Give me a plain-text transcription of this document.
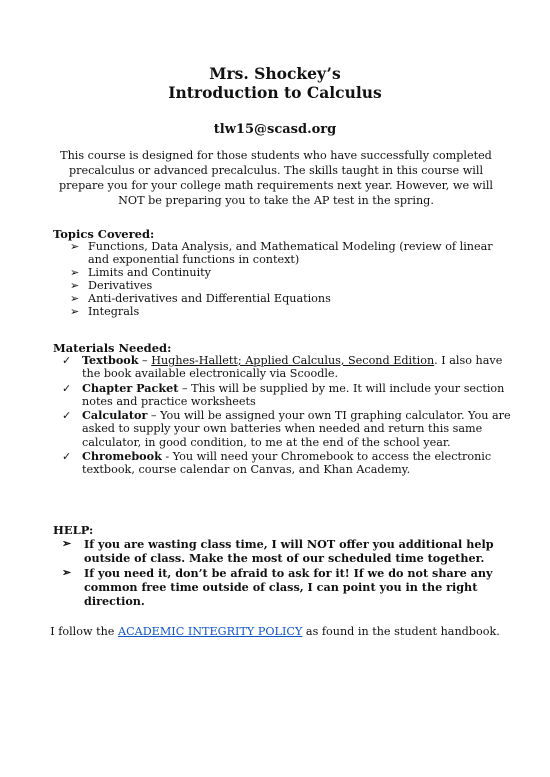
Mrs. Shockey’s
Introduction to Calculus
tlw15@scasd.org
This course is designed for those students who have successfully completed precalculus or advanced precalculus. The skills taught in this course will prepare you for your college math requirements next year. However, we will NOT be preparing you to take the AP test in the spring.
Topics Covered:
➢ Functions, Data Analysis, and Mathematical Modeling (review of linear and exponential functions in context)
➢ Limits and Continuity
➢ Derivatives
➢ Anti-derivatives and Differential Equations
➢ Integrals
Materials Needed:
✓ Textbook – Hughes-Hallett; Applied Calculus, Second Edition. I also have the book available electronically via Scoodle.
✓ Chapter Packet – This will be supplied by me. It will include your section notes and practice worksheets
✓ Calculator – You will be assigned your own TI graphing calculator. You are asked to supply your own batteries when needed and return this same calculator, in good condition, to me at the end of the school year.
✓ Chromebook - You will need your Chromebook to access the electronic textbook, course calendar on Canvas, and Khan Academy.
HELP:
➢ If you are wasting class time, I will NOT offer you additional help outside of class. Make the most of our scheduled time together.
➢ If you need it, don’t be afraid to ask for it! If we do not share any common free time outside of class, I can point you in the right direction.
I follow the ACADEMIC INTEGRITY POLICY as found in the student handbook.
